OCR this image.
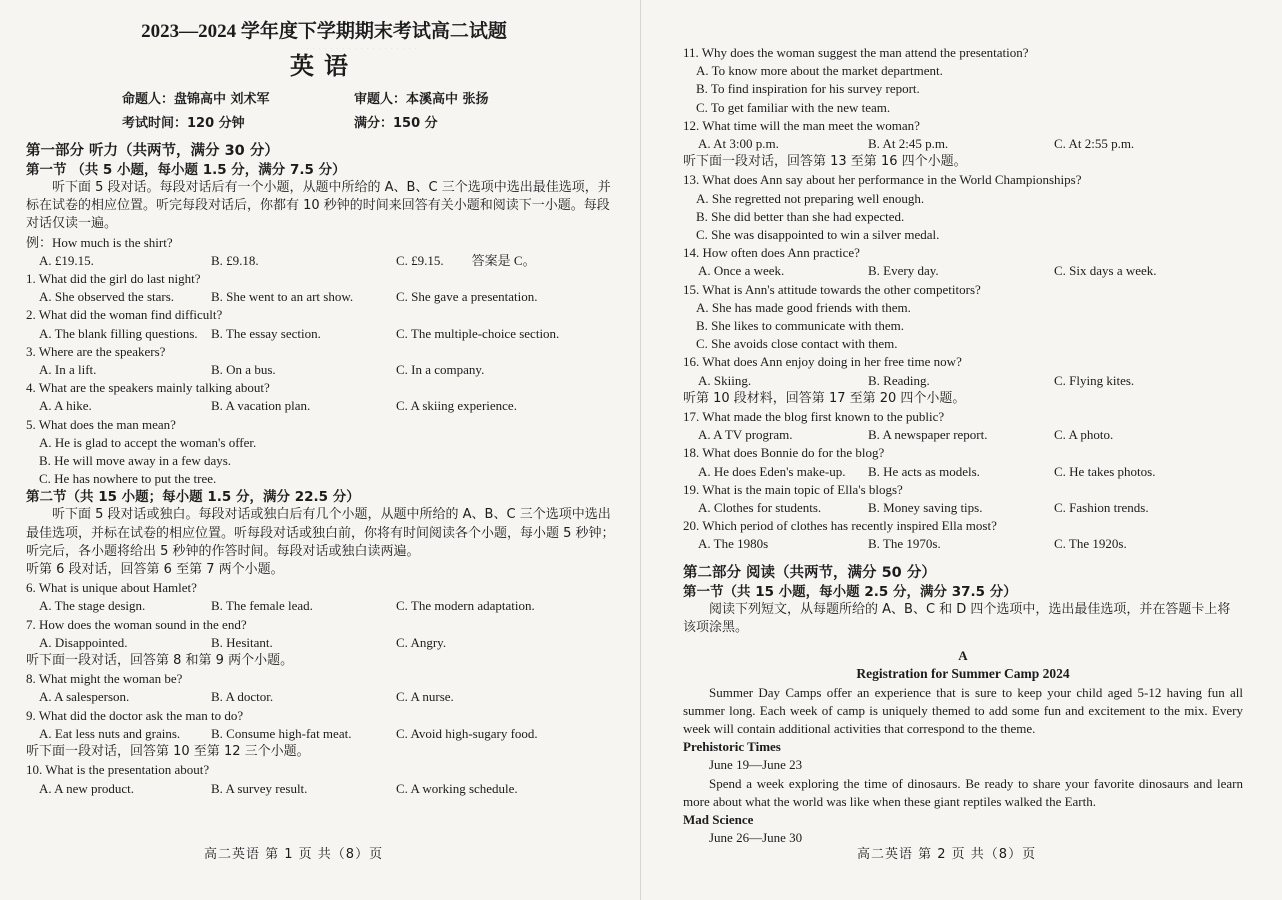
. . . . . . . . . . . . . . . . . . . .
2023—2024 学年度下学期期末考试高二试题
英语
命题人：盘锦高中 刘术军	审题人：本溪高中 张扬
考试时间：120 分钟	满分：150 分
第一部分 听力（共两节，满分 30 分）
第一节 （共 5 小题，每小题 1.5 分，满分 7.5 分）
听下面 5 段对话。每段对话后有一个小题，从题中所给的 A、B、C 三个选项中选出最佳选项，并标在试卷的相应位置。听完每段对话后，你都有 10 秒钟的时间来回答有关小题和阅读下一小题。每段对话仅读一遍。
例：How much is the shirt?
A. £19.15.	B. £9.18.	C. £9.15. 答案是 C。
1. What did the girl do last night?
A. She observed the stars.	B. She went to an art show.	C. She gave a presentation.
2. What did the woman find difficult?
A. The blank filling questions.	B. The essay section.	C. The multiple-choice section.
3. Where are the speakers?
A. In a lift.	B. On a bus.	C. In a company.
4. What are the speakers mainly talking about?
A. A hike.	B. A vacation plan.	C. A skiing experience.
5. What does the man mean?
A. He is glad to accept the woman's offer.
B. He will move away in a few days.
C. He has nowhere to put the tree.
第二节（共 15 小题；每小题 1.5 分，满分 22.5 分）
听下面 5 段对话或独白。每段对话或独白后有几个小题，从题中所给的 A、B、C 三个选项中选出最佳选项，并标在试卷的相应位置。听每段对话或独白前，你将有时间阅读各个小题，每小题 5 秒钟；听完后，各小题将给出 5 秒钟的作答时间。每段对话或独白读两遍。
听第 6 段对话，回答第 6 至第 7 两个小题。
6. What is unique about Hamlet?
A. The stage design.	B. The female lead.	C. The modern adaptation.
7. How does the woman sound in the end?
A. Disappointed.	B. Hesitant.	C. Angry.
听下面一段对话，回答第 8 和第 9 两个小题。
8. What might the woman be?
A. A salesperson.	B. A doctor.	C. A nurse.
9. What did the doctor ask the man to do?
A. Eat less nuts and grains.	B. Consume high-fat meat.	C. Avoid high-sugary food.
听下面一段对话，回答第 10 至第 12 三个小题。
10. What is the presentation about?
A. A new product.	B. A survey result.	C. A working schedule.
高二英语 第 1 页 共（8）页
11. Why does the woman suggest the man attend the presentation?
A. To know more about the market department.
B. To find inspiration for his survey report.
C. To get familiar with the new team.
12. What time will the man meet the woman?
A. At 3:00 p.m.	B. At 2:45 p.m.	C. At 2:55 p.m.
听下面一段对话，回答第 13 至第 16 四个小题。
13. What does Ann say about her performance in the World Championships?
A. She regretted not preparing well enough.
B. She did better than she had expected.
C. She was disappointed to win a silver medal.
14. How often does Ann practice?
A. Once a week.	B. Every day.	C. Six days a week.
15. What is Ann's attitude towards the other competitors?
A. She has made good friends with them.
B. She likes to communicate with them.
C. She avoids close contact with them.
16. What does Ann enjoy doing in her free time now?
A. Skiing.	B. Reading.	C. Flying kites.
听第 10 段材料，回答第 17 至第 20 四个小题。
17. What made the blog first known to the public?
A. A TV program.	B. A newspaper report.	C. A photo.
18. What does Bonnie do for the blog?
A. He does Eden's make-up.	B. He acts as models.	C. He takes photos.
19. What is the main topic of Ella's blogs?
A. Clothes for students.	B. Money saving tips.	C. Fashion trends.
20. Which period of clothes has recently inspired Ella most?
A. The 1980s	B. The 1970s.	C. The 1920s.
第二部分 阅读（共两节，满分 50 分）
第一节（共 15 小题，每小题 2.5 分，满分 37.5 分）
阅读下列短文，从每题所给的 A、B、C 和 D 四个选项中，选出最佳选项，并在答题卡上将该项涂黑。
A
Registration for Summer Camp 2024
Summer Day Camps offer an experience that is sure to keep your child aged 5-12 having fun all summer long. Each week of camp is uniquely themed to add some fun and excitement to the mix. Every week will contain additional activities that correspond to the theme.
Prehistoric Times
June 19—June 23
Spend a week exploring the time of dinosaurs. Be ready to share your favorite dinosaurs and learn more about what the world was like when these giant reptiles walked the Earth.
Mad Science
June 26—June 30
高二英语 第 2 页 共（8）页
